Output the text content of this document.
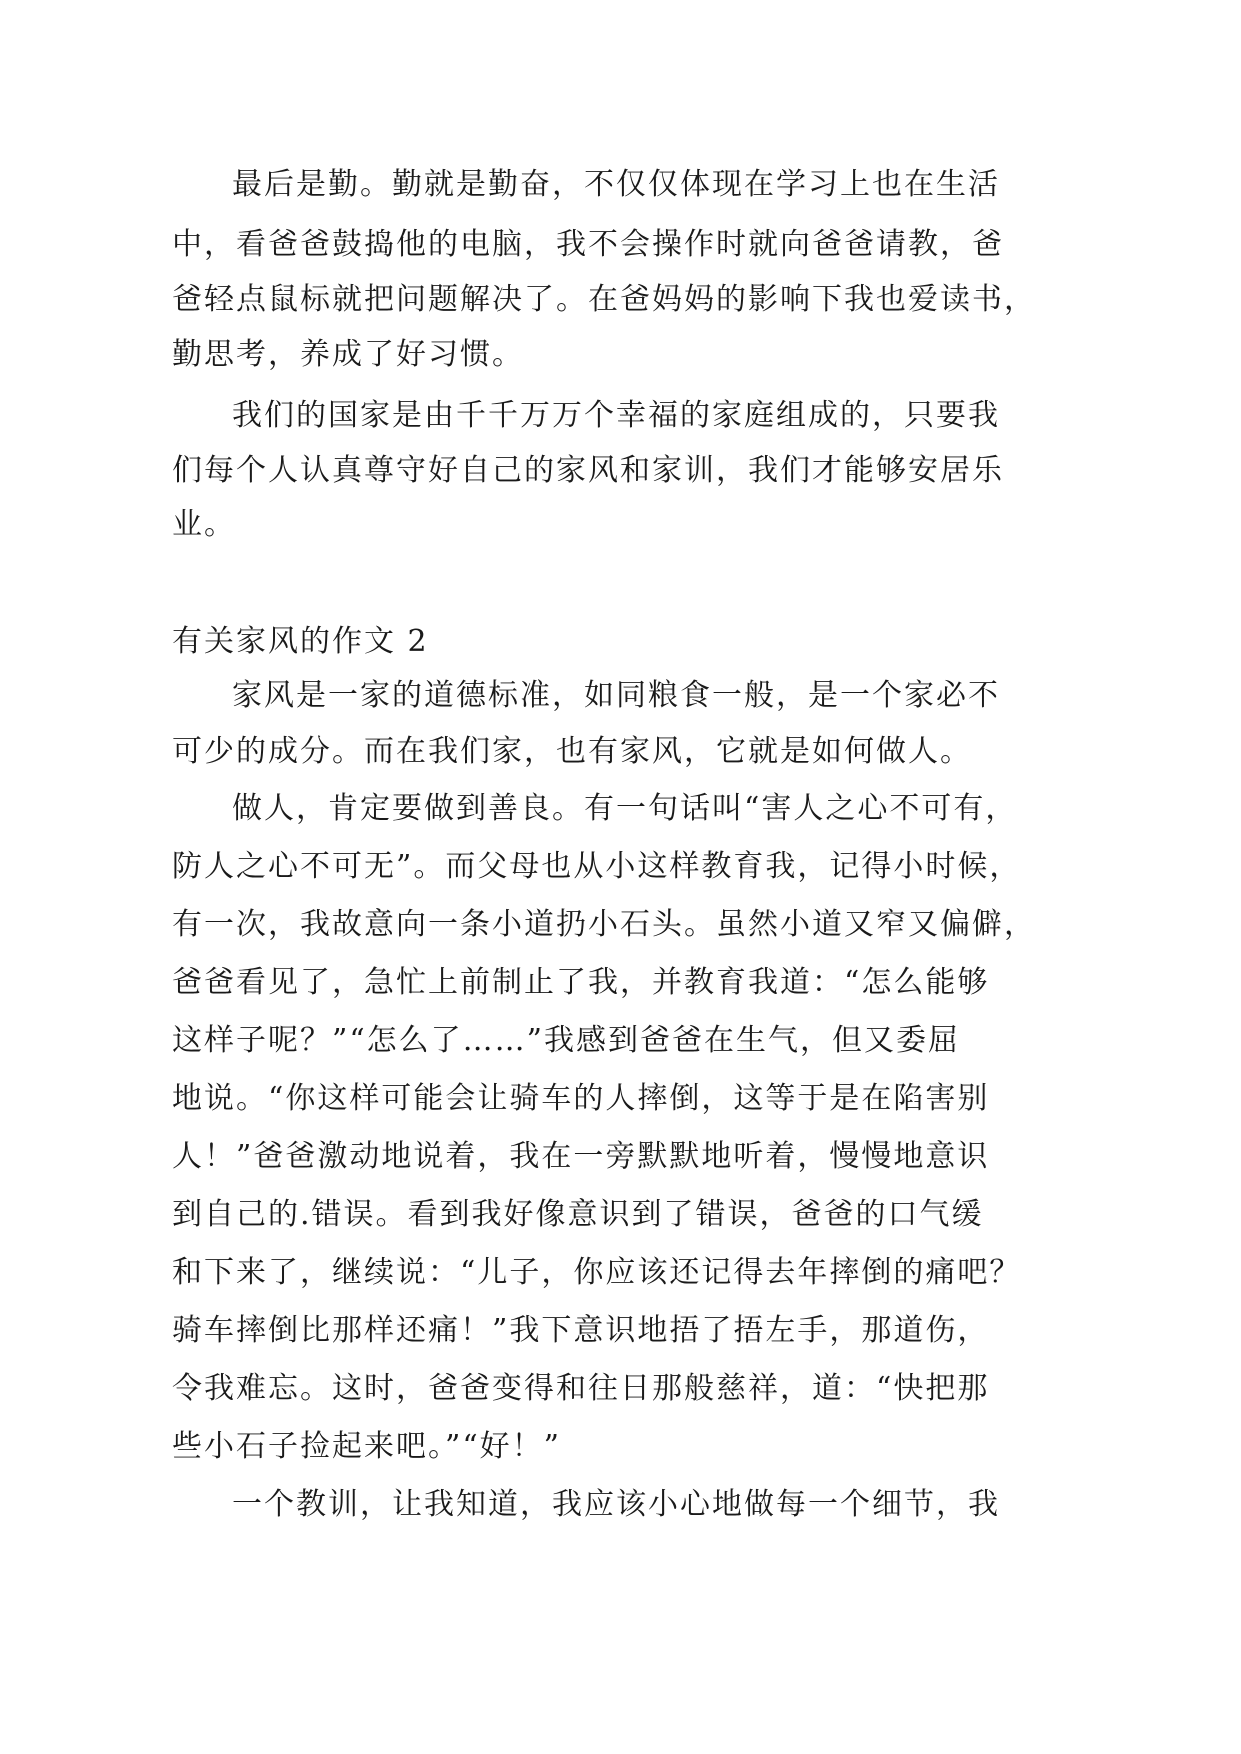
最后是勤。勤就是勤奋，不仅仅体现在学习上也在生活
中，看爸爸鼓捣他的电脑，我不会操作时就向爸爸请教，爸
爸轻点鼠标就把问题解决了。在爸妈妈的影响下我也爱读书，
勤思考，养成了好习惯。
我们的国家是由千千万万个幸福的家庭组成的，只要我
们每个人认真尊守好自己的家风和家训，我们才能够安居乐
业。
有关家风的作文 2
家风是一家的道德标准，如同粮食一般，是一个家必不
可少的成分。而在我们家，也有家风，它就是如何做人。
做人，肯定要做到善良。有一句话叫“害人之心不可有，
防人之心不可无”。而父母也从小这样教育我，记得小时候，
有一次，我故意向一条小道扔小石头。虽然小道又窄又偏僻，
爸爸看见了，急忙上前制止了我，并教育我道：“怎么能够
这样子呢？”“怎么了……”我感到爸爸在生气，但又委屈
地说。“你这样可能会让骑车的人摔倒，这等于是在陷害别
人！”爸爸激动地说着，我在一旁默默地听着，慢慢地意识
到自己的.错误。看到我好像意识到了错误，爸爸的口气缓
和下来了，继续说：“儿子，你应该还记得去年摔倒的痛吧？
骑车摔倒比那样还痛！”我下意识地捂了捂左手，那道伤，
令我难忘。这时，爸爸变得和往日那般慈祥，道：“快把那
些小石子捡起来吧。”“好！”
一个教训，让我知道，我应该小心地做每一个细节，我
